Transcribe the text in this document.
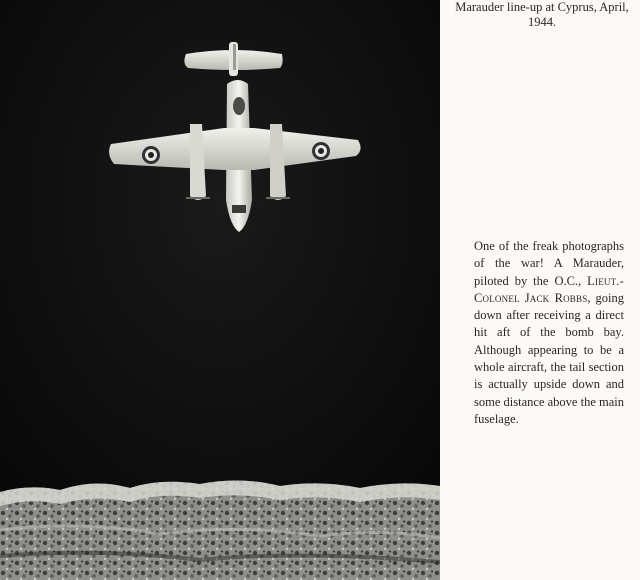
Marauder line-up at Cyprus, April, 1944.

One of the freak photographs of the war! A Marauder, piloted by the O.C., Lieut.-Colonel Jack Robbs, going down after receiving a direct hit aft of the bomb bay. Although appearing to be a whole aircraft, the tail section is actually upside down and some distance above the main fuselage.
